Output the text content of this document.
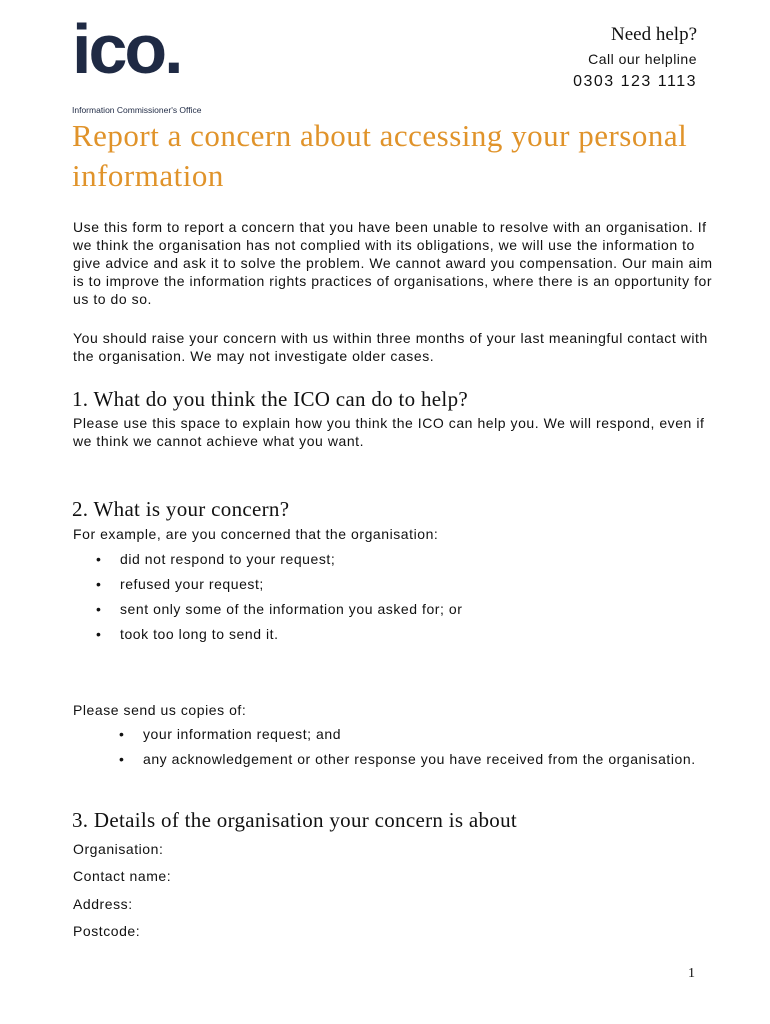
ico.
Information Commissioner's Office
Need help?
Call our helpline
0303 123 1113
Report a concern about accessing your personal information

Use this form to report a concern that you have been unable to resolve with an organisation. If we think the organisation has not complied with its obligations, we will use the information to give advice and ask it to solve the problem. We cannot award you compensation. Our main aim is to improve the information rights practices of organisations, where there is an opportunity for us to do so.

You should raise your concern with us within three months of your last meaningful contact with the organisation. We may not investigate older cases.

1. What do you think the ICO can do to help?

Please use this space to explain how you think the ICO can help you. We will respond, even if we think we cannot achieve what you want.

2. What is your concern?

For example, are you concerned that the organisation:

• did not respond to your request;
• refused your request;
• sent only some of the information you asked for; or
• took too long to send it.

Please send us copies of:

• your information request; and
• any acknowledgement or other response you have received from the organisation.
3. Details of the organisation your concern is about
Organisation:
Contact name:
Address:
Postcode:
1
